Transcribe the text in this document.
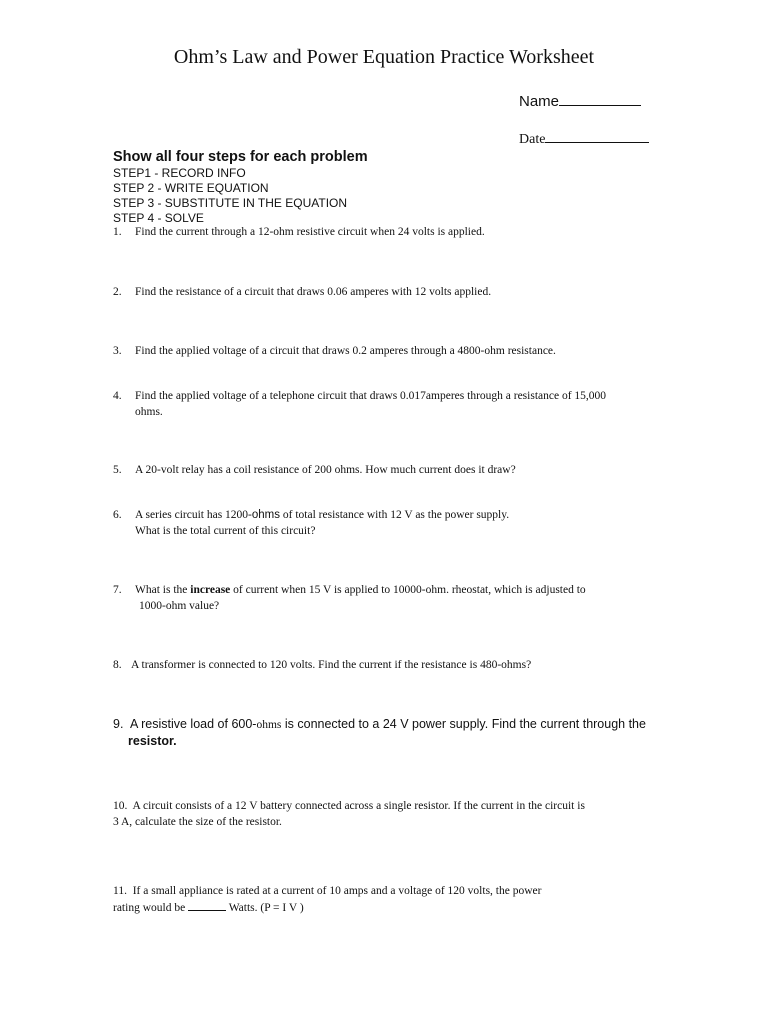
Ohm’s Law and Power Equation Practice Worksheet
Name
Date
Show all four steps for each problem
STEP1 - RECORD INFO
STEP 2 - WRITE EQUATION
STEP 3 - SUBSTITUTE IN THE EQUATION
STEP 4 - SOLVE
1. Find the current through a 12-ohm resistive circuit when 24 volts is applied.
2. Find the resistance of a circuit that draws 0.06 amperes with 12 volts applied.
3. Find the applied voltage of a circuit that draws 0.2 amperes through a 4800-ohm resistance.
4. Find the applied voltage of a telephone circuit that draws 0.017amperes through a resistance of 15,000
ohms.
5. A 20-volt relay has a coil resistance of 200 ohms. How much current does it draw?
6. A series circuit has 1200-ohms of total resistance with 12 V as the power supply.
What is the total current of this circuit?
7. What is the increase of current when 15 V is applied to 10000-ohm. rheostat, which is adjusted to
1000-ohm value?
8. A transformer is connected to 120 volts. Find the current if the resistance is 480-ohms?
9. A resistive load of 600-ohms is connected to a 24 V power supply. Find the current through the
resistor.
10. A circuit consists of a 12 V battery connected across a single resistor. If the current in the circuit is
3 A, calculate the size of the resistor.
11. If a small appliance is rated at a current of 10 amps and a voltage of 120 volts, the power
rating would be	Watts. (P = I V )
